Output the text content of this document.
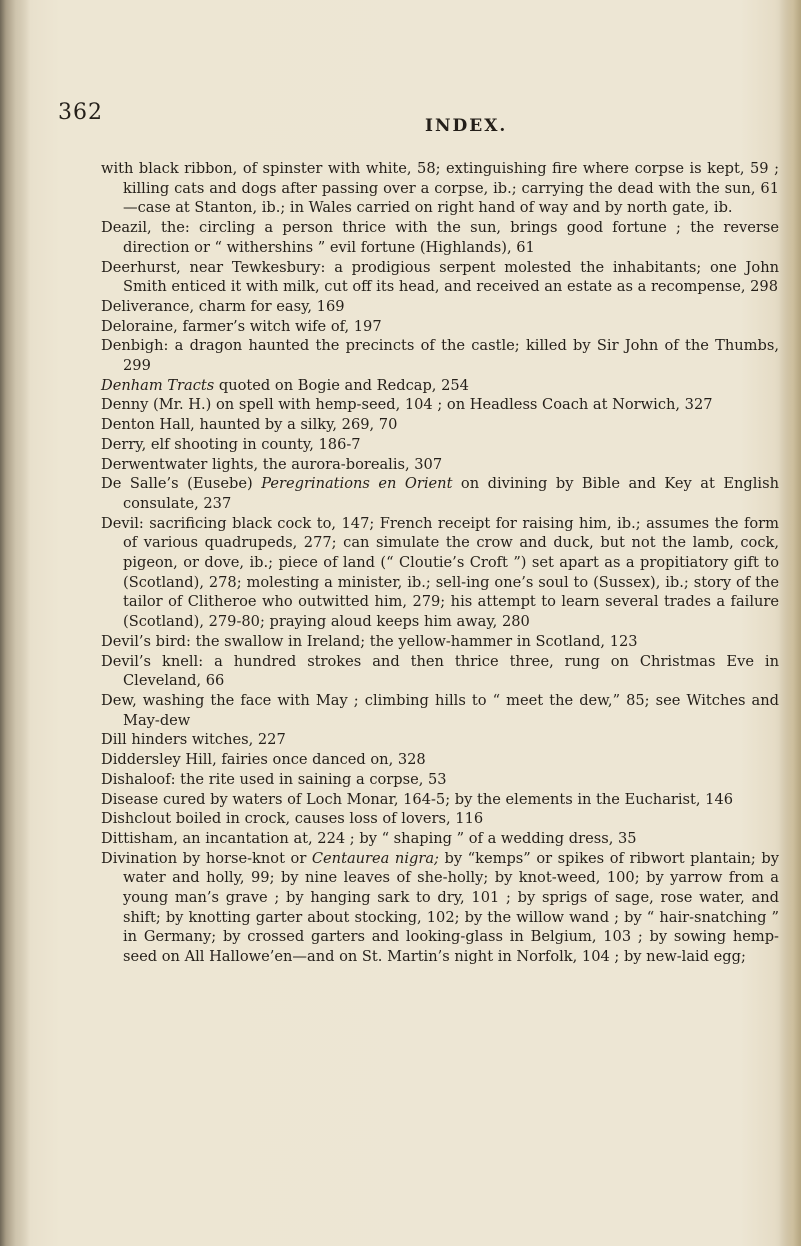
362
INDEX.

with black ribbon, of spinster with white, 58; extinguishing fire where corpse is kept, 59 ; killing cats and dogs after passing over a corpse, ib.; carrying the dead with the sun, 61—case at Stanton, ib.; in Wales carried on right hand of way and by north gate, ib.

Deazil, the: circling a person thrice with the sun, brings good fortune ; the reverse direction or “ withershins ” evil fortune (Highlands), 61

Deerhurst, near Tewkesbury: a prodigious serpent molested the inhabitants; one John Smith enticed it with milk, cut off its head, and received an estate as a recompense, 298

Deliverance, charm for easy, 169

Deloraine, farmer’s witch wife of, 197

Denbigh: a dragon haunted the precincts of the castle; killed by Sir John of the Thumbs, 299

Denham Tracts quoted on Bogie and Redcap, 254

Denny (Mr. H.) on spell with hemp-seed, 104 ; on Headless Coach at Norwich, 327

Denton Hall, haunted by a silky, 269, 70

Derry, elf shooting in county, 186-7

Derwentwater lights, the aurora-borealis, 307

De Salle’s (Eusebe) Peregrinations en Orient on divining by Bible and Key at English consulate, 237

Devil: sacrificing black cock to, 147; French receipt for raising him, ib.; assumes the form of various quadrupeds, 277; can simulate the crow and duck, but not the lamb, cock, pigeon, or dove, ib.; piece of land (“ Cloutie’s Croft ”) set apart as a propitiatory gift to (Scotland), 278; molesting a minister, ib.; sell-ing one’s soul to (Sussex), ib.; story of the tailor of Clitheroe who outwitted him, 279; his attempt to learn several trades a failure (Scotland), 279-80; praying aloud keeps him away, 280

Devil’s bird: the swallow in Ireland; the yellow-hammer in Scotland, 123

Devil’s knell: a hundred strokes and then thrice three, rung on Christmas Eve in Cleveland, 66

Dew, washing the face with May ; climbing hills to “ meet the dew,” 85; see Witches and May-dew

Dill hinders witches, 227

Diddersley Hill, fairies once danced on, 328

Dishaloof: the rite used in saining a corpse, 53

Disease cured by waters of Loch Monar, 164-5; by the elements in the Eucharist, 146

Dishclout boiled in crock, causes loss of lovers, 116

Dittisham, an incantation at, 224 ; by “ shaping ” of a wedding dress, 35

Divination by horse-knot or Centaurea nigra; by “kemps” or spikes of ribwort plantain; by water and holly, 99; by nine leaves of she-holly; by knot-weed, 100; by yarrow from a young man’s grave ; by hanging sark to dry, 101 ; by sprigs of sage, rose water, and shift; by knotting garter about stocking, 102; by the willow wand ; by “ hair-snatching ” in Germany; by crossed garters and looking-glass in Belgium, 103 ; by sowing hemp-seed on All Hallowe’en—and on St. Martin’s night in Norfolk, 104 ; by new-laid egg;
